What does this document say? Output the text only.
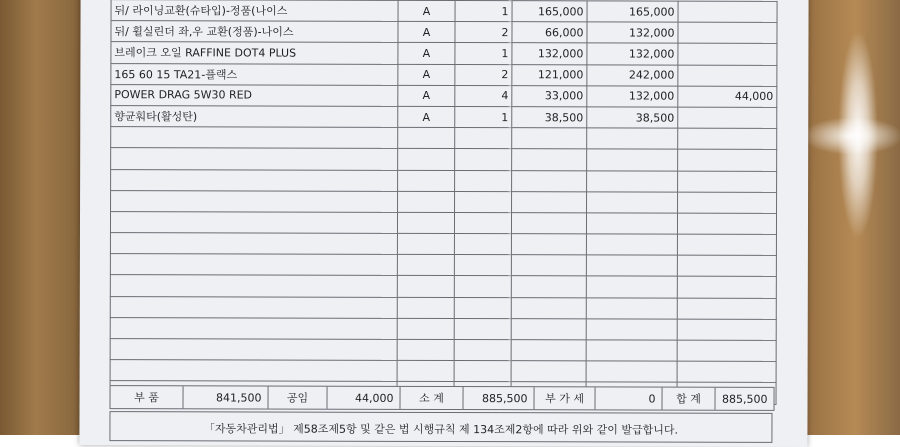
뒤/ 라이닝교환(슈타입)-정품(나이스	A	1	165,000	165,000	
뒤/ 휠실린더 좌,우 교환(정품)-나이스	A	2	66,000	132,000	
브레이크 오일 RAFFINE DOT4 PLUS	A	1	132,000	132,000	
165 60 15 TA21-플랙스	A	2	121,000	242,000	
POWER DRAG 5W30 RED	A	4	33,000	132,000	44,000
향균훠타(활성탄)	A	1	38,500	38,500	

부 품	841,500	공임	44,000	소 계	885,500	부 가 세	0	합 계	885,500
「자동차관리법」 제58조제5항 및 같은 법 시행규칙 제 134조제2항에 따라 위와 같이 발급합니다.
